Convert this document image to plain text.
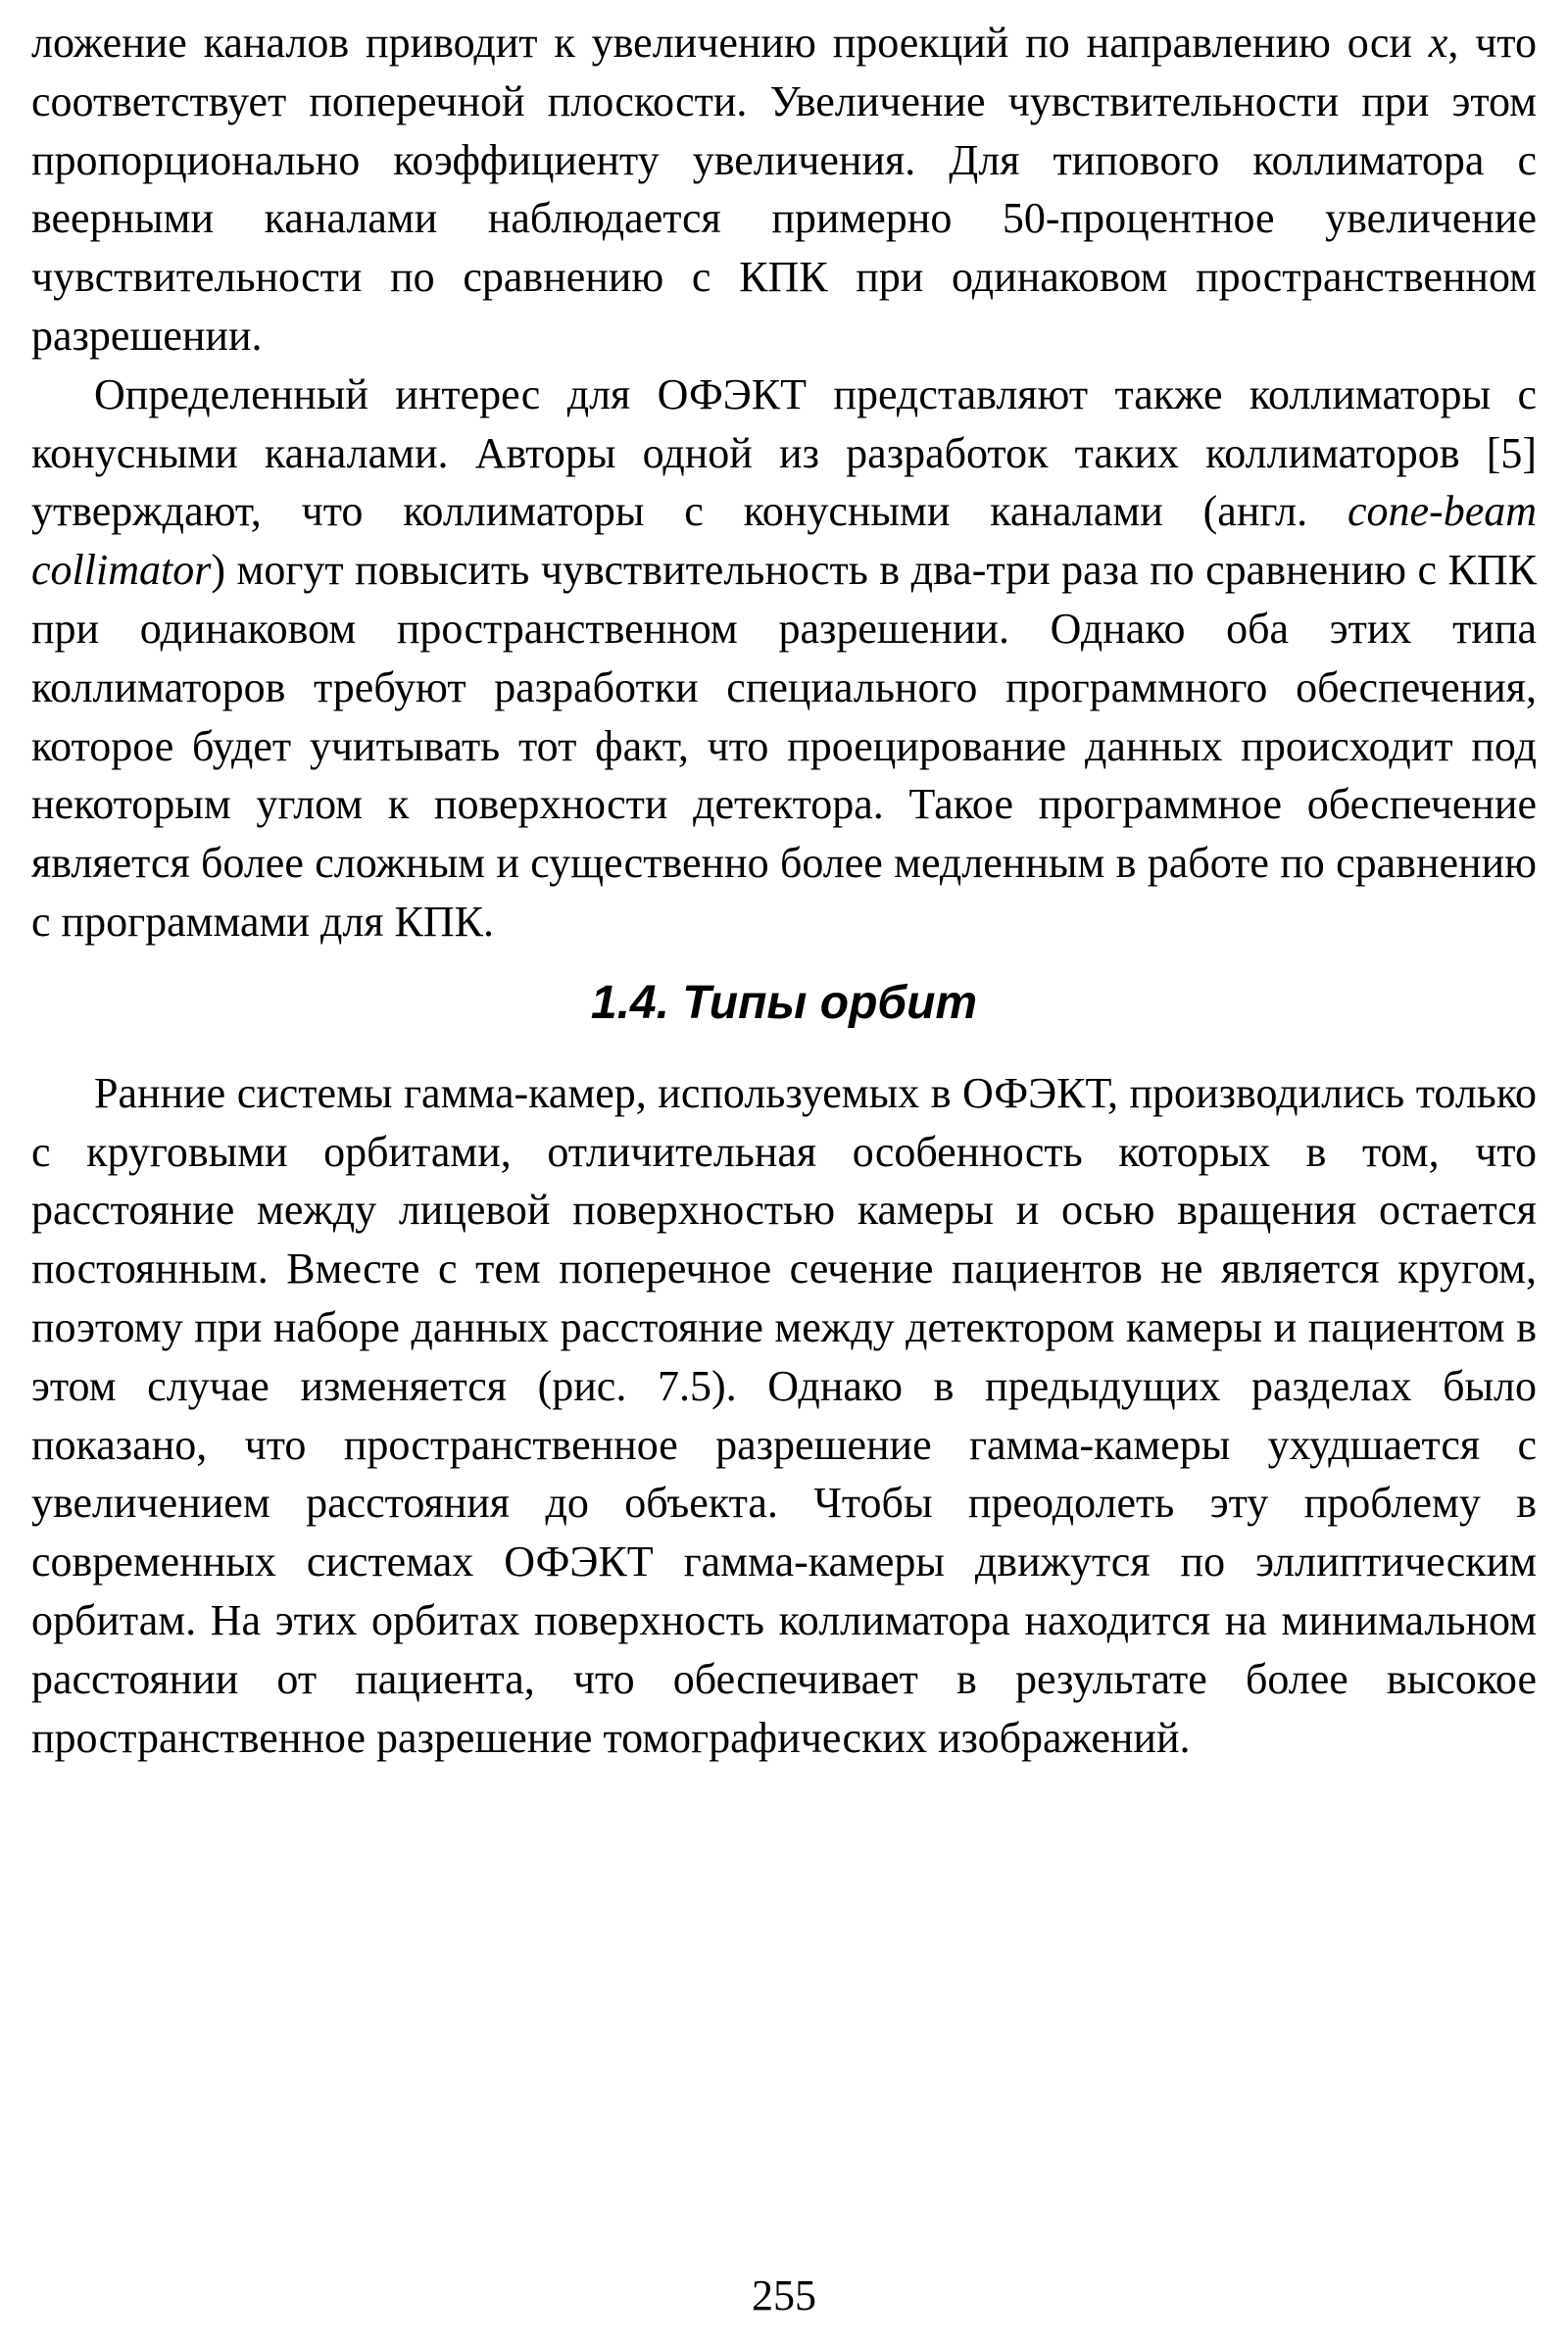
ложение каналов приводит к увеличению проекций по направлению оси x, что соответствует поперечной плоскости. Увеличение чувствительности при этом пропорционально коэффициенту увеличения. Для типового коллиматора с веерными каналами наблюдается примерно 50-процентное увеличение чувствительности по сравнению с КПК при одинаковом пространственном разрешении.

Определенный интерес для ОФЭКТ представляют также коллиматоры с конусными каналами. Авторы одной из разработок таких коллиматоров [5] утверждают, что коллиматоры с конусными каналами (англ. cone-beam collimator) могут повысить чувствительность в два-три раза по сравнению с КПК при одинаковом пространственном разрешении. Однако оба этих типа коллиматоров требуют разработки специального программного обеспечения, которое будет учитывать тот факт, что проецирование данных происходит под некоторым углом к поверхности детектора. Такое программное обеспечение является более сложным и существенно более медленным в работе по сравнению с программами для КПК.

1.4. Типы орбит

Ранние системы гамма-камер, используемых в ОФЭКТ, производились только с круговыми орбитами, отличительная особенность которых в том, что расстояние между лицевой поверхностью камеры и осью вращения остается постоянным. Вместе с тем поперечное сечение пациентов не является кругом, поэтому при наборе данных расстояние между детектором камеры и пациентом в этом случае изменяется (рис. 7.5). Однако в предыдущих разделах было показано, что пространственное разрешение гамма-камеры ухудшается с увеличением расстояния до объекта. Чтобы преодолеть эту проблему в современных системах ОФЭКТ гамма-камеры движутся по эллиптическим орбитам. На этих орбитах поверхность коллиматора находится на минимальном расстоянии от пациента, что обеспечивает в результате более высокое пространственное разрешение томографических изображений.

255
